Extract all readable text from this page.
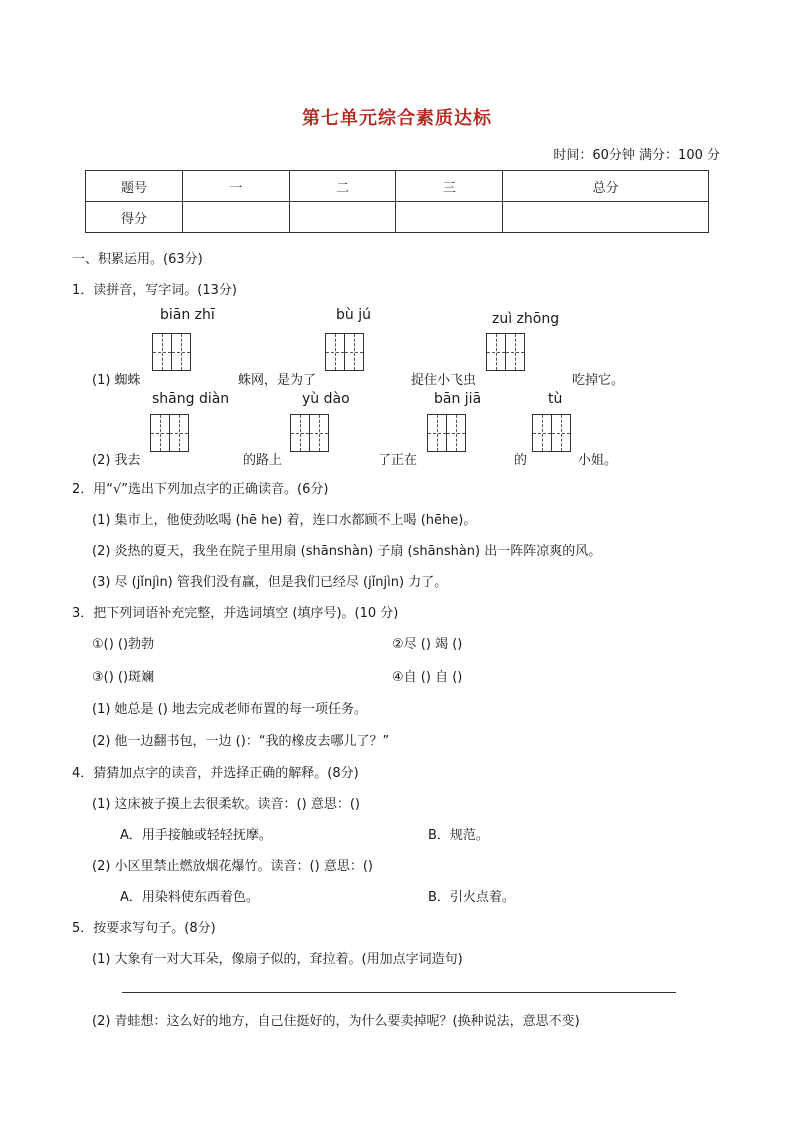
第七单元综合素质达标
时间：60分钟 满分：100 分
题号	一	二	三	总分
得分				
一、积累运用。(63分)
1．读拼音，写字词。(13分)
biān zhī	bù jú	zuì zhōng
(1) 蜘蛛	蛛网，是为了	捉住小飞虫	吃掉它。
shāng diàn	yù dào	bān jiā	tù
(2) 我去	的路上	了正在	的	小姐。
2．用“√”选出下列加点字的正确读音。(6分)
(1) 集市上，他使劲吆喝 (hē he) 着，连口水都顾不上喝 (hēhe)。
(2) 炎热的夏天，我坐在院子里用扇 (shānshàn) 子扇 (shānshàn) 出一阵阵凉爽的风。
(3) 尽 (jǐnjìn) 管我们没有赢，但是我们已经尽 (jǐnjìn) 力了。
3．把下列词语补充完整，并选词填空 (填序号)。(10 分)
①() ()勃勃	②尽 () 竭 ()
③() ()斑斓	④自 () 自 ()
(1) 她总是 () 地去完成老师布置的每一项任务。
(2) 他一边翻书包，一边 ()：“我的橡皮去哪儿了？”
4．猜猜加点字的读音，并选择正确的解释。(8分)
(1) 这床被子摸上去很柔软。读音：() 意思：()
A．用手接触或轻轻抚摩。	B．规范。
(2) 小区里禁止燃放烟花爆竹。读音：() 意思：()
A．用染料使东西着色。	B．引火点着。
5．按要求写句子。(8分)
(1) 大象有一对大耳朵，像扇子似的，耷拉着。(用加点字词造句)
(2) 青蛙想：这么好的地方，自己住挺好的，为什么要卖掉呢？(换种说法，意思不变)
